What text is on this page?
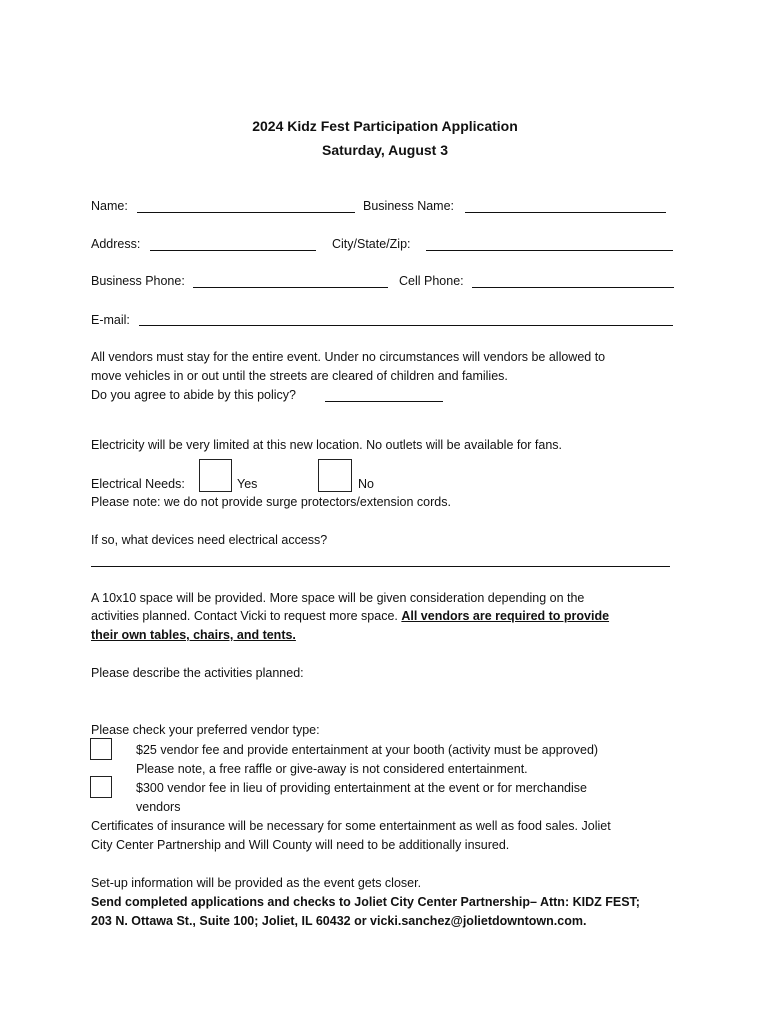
2024 Kidz Fest Participation Application
Saturday, August 3
Name:	Business Name:
Address:	City/State/Zip:
Business Phone:	Cell Phone:
E-mail:
All vendors must stay for the entire event. Under no circumstances will vendors be allowed to
move vehicles in or out until the streets are cleared of children and families.
Do you agree to abide by this policy?
Electricity will be very limited at this new location. No outlets will be available for fans.
Electrical Needs:	Yes	No
Please note: we do not provide surge protectors/extension cords.
If so, what devices need electrical access?
A 10x10 space will be provided. More space will be given consideration depending on the
activities planned. Contact Vicki to request more space. All vendors are required to provide
their own tables, chairs, and tents.
Please describe the activities planned:
Please check your preferred vendor type:
$25 vendor fee and provide entertainment at your booth (activity must be approved)
Please note, a free raffle or give-away is not considered entertainment.
$300 vendor fee in lieu of providing entertainment at the event or for merchandise
vendors
Certificates of insurance will be necessary for some entertainment as well as food sales. Joliet
City Center Partnership and Will County will need to be additionally insured.
Set-up information will be provided as the event gets closer.
Send completed applications and checks to Joliet City Center Partnership– Attn: KIDZ FEST;
203 N. Ottawa St., Suite 100; Joliet, IL 60432 or vicki.sanchez@jolietdowntown.com.
